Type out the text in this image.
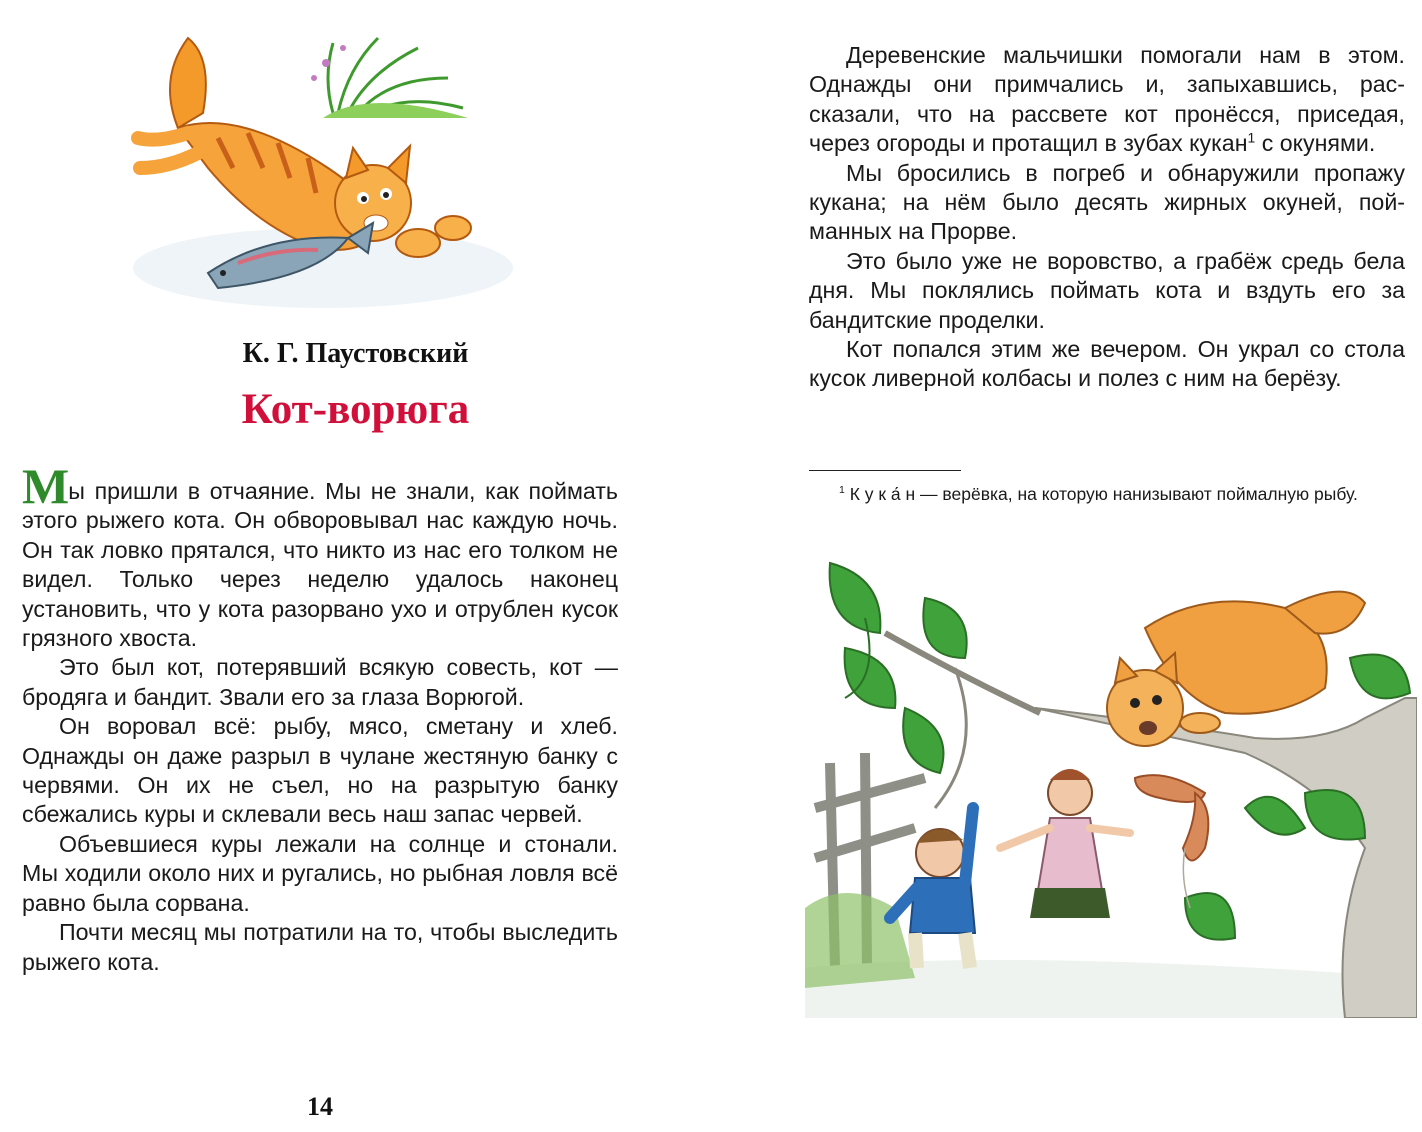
К. Г. Паустовский
Кот-ворюга

Мы пришли в отчаяние. Мы не знали, как поймать этого рыжего кота. Он обворовывал нас каждую ночь. Он так ловко прятался, что никто из нас его толком не видел. Только через неделю удалось наконец установить, что у кота разорвано ухо и отрублен кусок грязного хвоста.

Это был кот, потерявший всякую совесть, кот — бродяга и бандит. Звали его за глаза Ворюгой.

Он воровал всё: рыбу, мясо, сметану и хлеб. Однажды он даже разрыл в чулане жестяную банку с червями. Он их не съел, но на разрытую банку сбежались куры и склевали весь наш запас червей.

Объевшиеся куры лежали на солнце и стонали. Мы ходили около них и ругались, но рыбная ловля всё равно была сорвана.

Почти месяц мы потратили на то, чтобы выследить рыжего кота.

14

Деревенские мальчишки помогали нам в этом. Однажды они примчались и, запыхавшись, рассказали, что на рассвете кот пронёсся, приседая, через огороды и протащил в зубах кукан$^1$ с окунями.

Мы бросились в погреб и обнаружили пропажу кукана; на нём было десять жирных окуней, пойманных на Прорве.

Это было уже не воровство, а грабёж средь бела дня. Мы поклялись поймать кота и вздуть его за бандитские проделки.

Кот попался этим же вечером. Он украл со стола кусок ливерной колбасы и полез с ним на берёзу.

$^1$ К у к а́ н — верёвка, на которую нанизывают поймалную рыбу.
